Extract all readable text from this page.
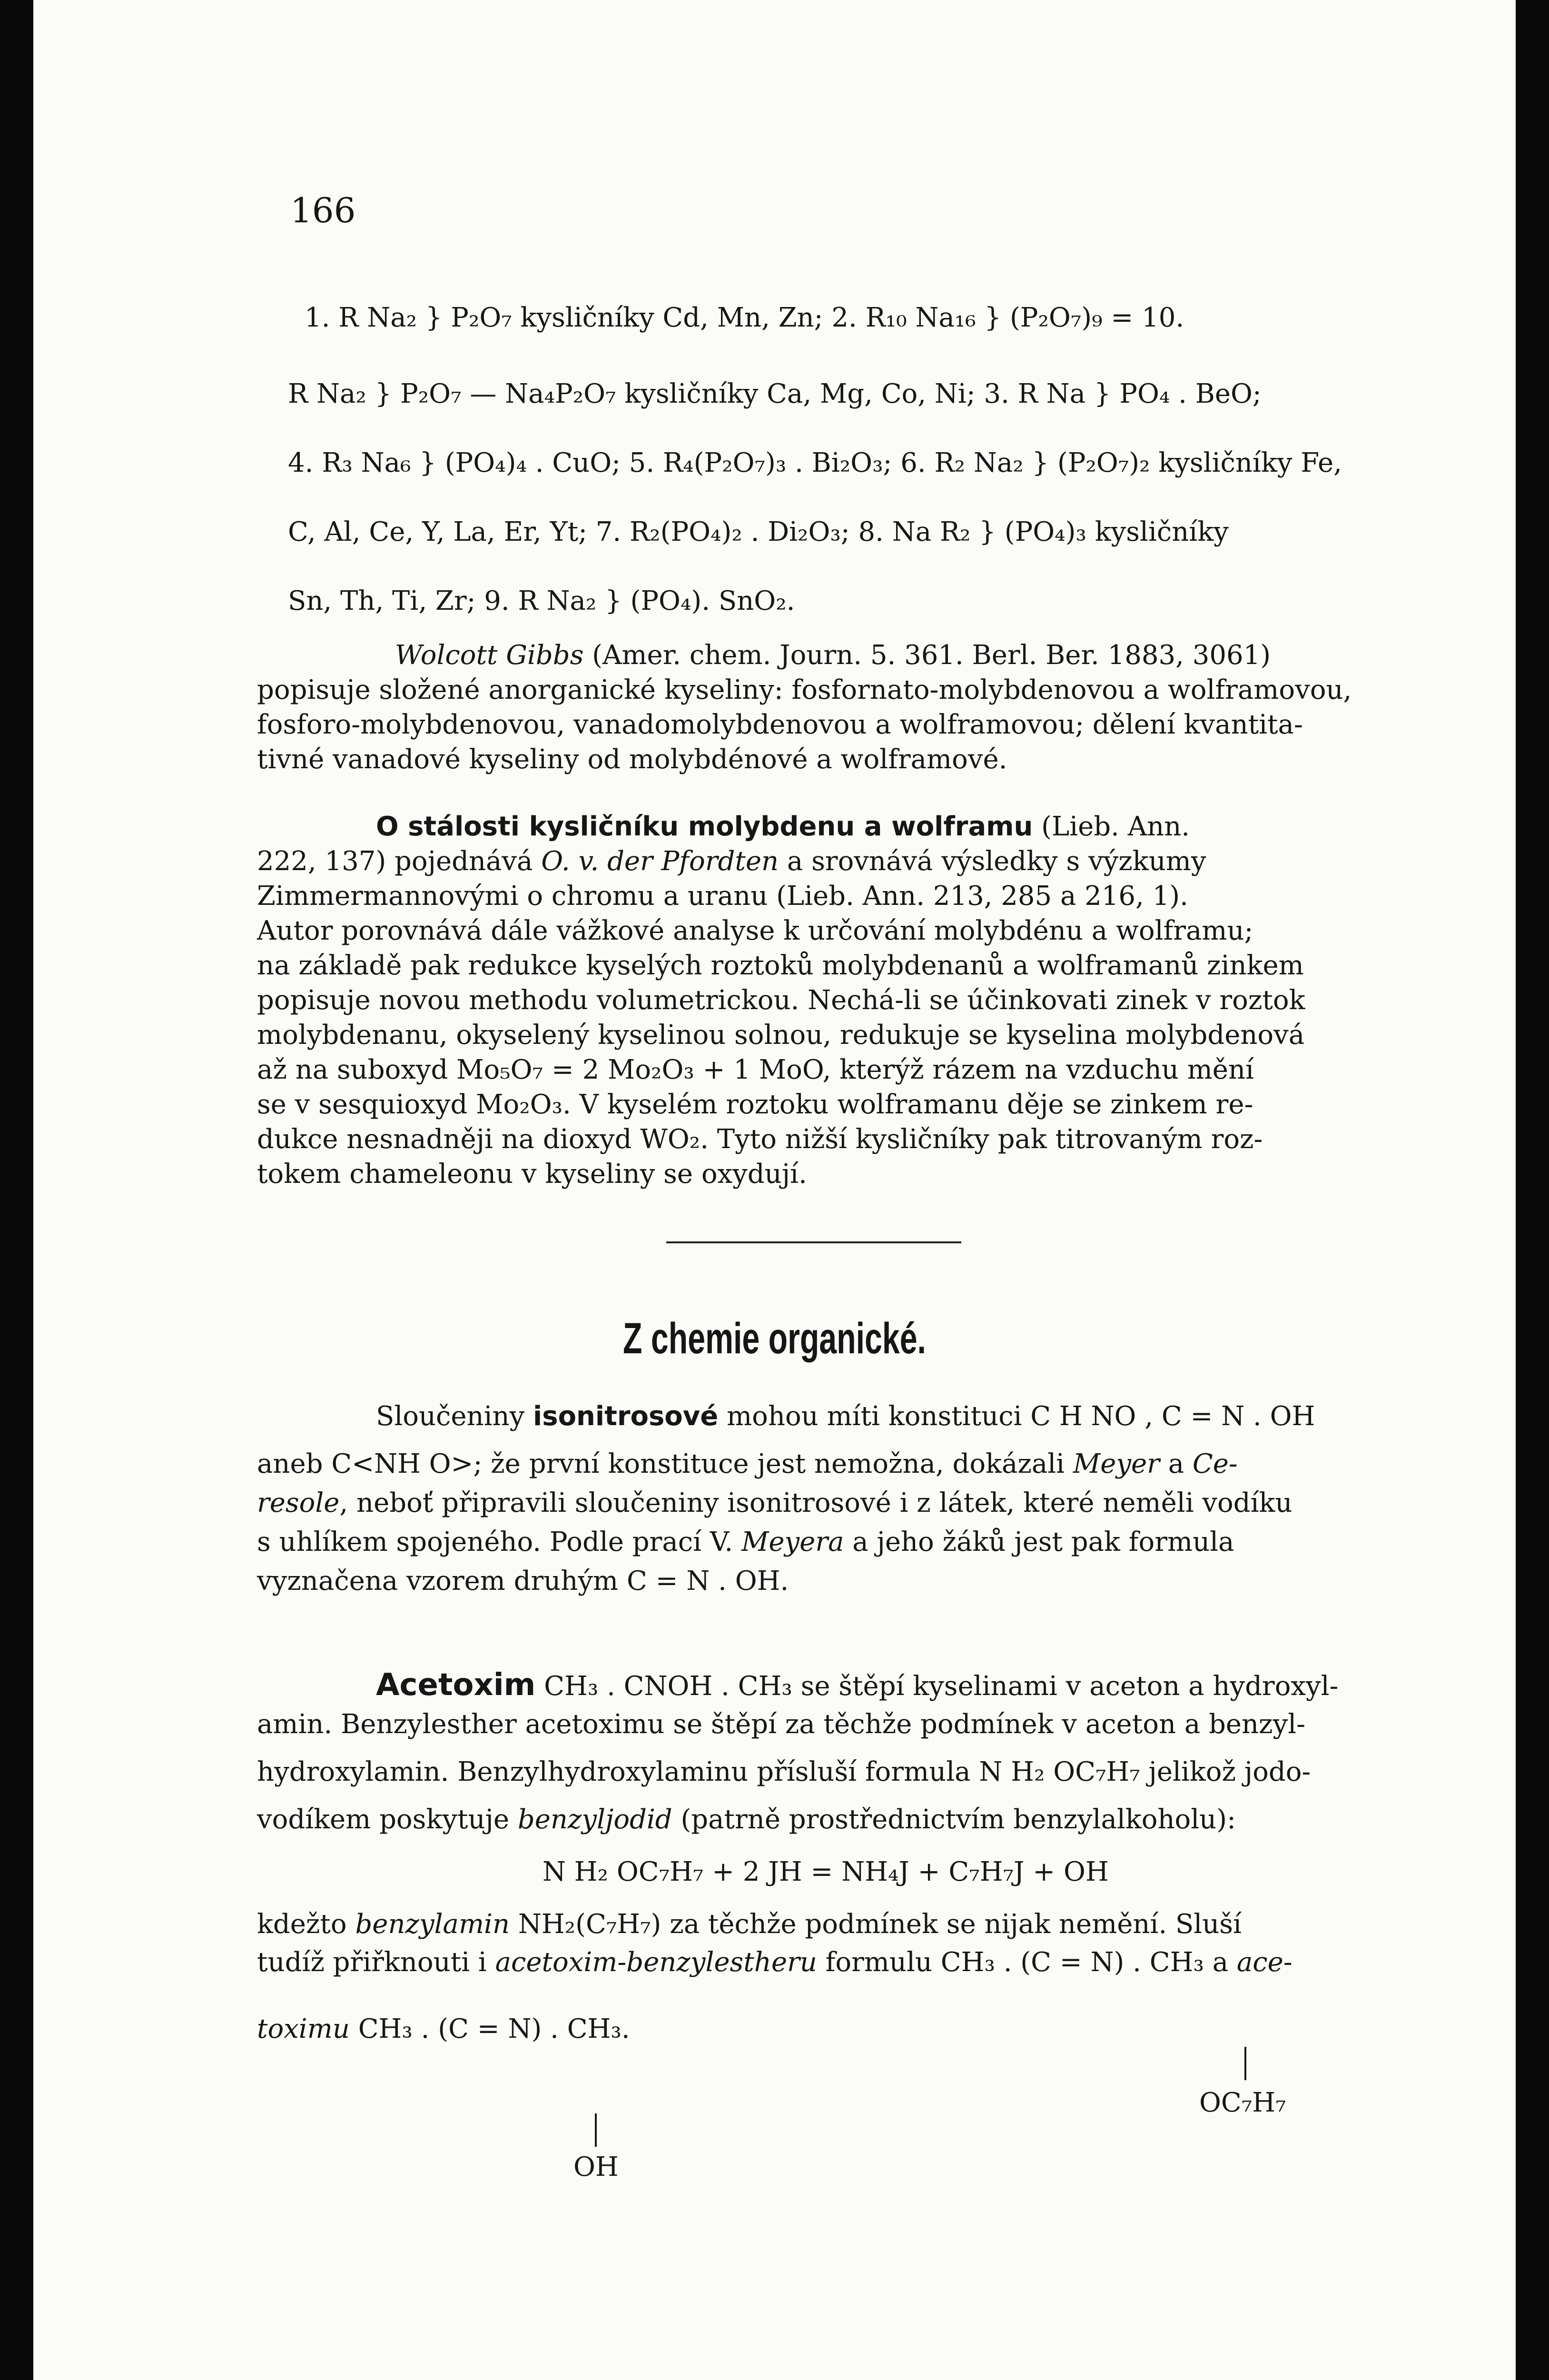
166
1. R Na₂ } P₂O₇ kysličníky Cd, Mn, Zn; 2. R₁₀ Na₁₆ } (P₂O₇)₉ = 10.
R Na₂ } P₂O₇ — Na₄P₂O₇ kysličníky Ca, Mg, Co, Ni; 3. R Na } PO₄ . BeO;
4. R₃ Na₆ } (PO₄)₄ . CuO; 5. R₄(P₂O₇)₃ . Bi₂O₃; 6. R₂ Na₂ } (P₂O₇)₂ kysličníky Fe,
C, Al, Ce, Y, La, Er, Yt; 7. R₂(PO₄)₂ . Di₂O₃; 8. Na R₂ } (PO₄)₃ kysličníky
Sn, Th, Ti, Zr; 9. R Na₂ } (PO₄). SnO₂.
Wolcott Gibbs (Amer. chem. Journ. 5. 361. Berl. Ber. 1883, 3061)
popisuje složené anorganické kyseliny: fosfornato-molybdenovou a wolframovou,
fosforo-molybdenovou, vanadomolybdenovou a wolframovou; dělení kvantita-
tivné vanadové kyseliny od molybdénové a wolframové.
O stálosti kysličníku molybdenu a wolframu (Lieb. Ann.
222, 137) pojednává O. v. der Pfordten a srovnává výsledky s výzkumy
Zimmermannovými o chromu a uranu (Lieb. Ann. 213, 285 a 216, 1).
Autor porovnává dále vážkové analyse k určování molybdénu a wolframu;
na základě pak redukce kyselých roztoků molybdenanů a wolframanů zinkem
popisuje novou methodu volumetrickou. Nechá-li se účinkovati zinek v roztok
molybdenanu, okyselený kyselinou solnou, redukuje se kyselina molybdenová
až na suboxyd Mo₅O₇ = 2 Mo₂O₃ + 1 MoO, kterýž rázem na vzduchu mění
se v sesquioxyd Mo₂O₃. V kyselém roztoku wolframanu děje se zinkem re-
dukce nesnadněji na dioxyd WO₂. Tyto nižší kysličníky pak titrovaným roz-
tokem chameleonu v kyseliny se oxydují.
Z chemie organické.
Sloučeniny isonitrosové mohou míti konstituci C H NO , C = N . OH
aneb C<NH O>; že první konstituce jest nemožna, dokázali Meyer a Ce-
resole, neboť připravili sloučeniny isonitrosové i z látek, které neměli vodíku
s uhlíkem spojeného. Podle prací V. Meyera a jeho žáků jest pak formula
vyznačena vzorem druhým C = N . OH.
Acetoxim CH₃ . CNOH . CH₃ se štěpí kyselinami v aceton a hydroxyl-
amin. Benzylesther acetoximu se štěpí za těchže podmínek v aceton a benzyl-
hydroxylamin. Benzylhydroxylaminu přísluší formula N H₂ OC₇H₇ jelikož jodo-
vodíkem poskytuje benzyljodid (patrně prostřednictvím benzylalkoholu):
N H₂ OC₇H₇ + 2 JH = NH₄J + C₇H₇J + OH
kdežto benzylamin NH₂(C₇H₇) za těchže podmínek se nijak nemění. Sluší
tudíž přiřknouti i acetoxim-benzylestheru formulu CH₃ . (C = N) . CH₃ a ace-
toximu CH₃ . (C = N) . CH₃.
OC₇H₇
OH
